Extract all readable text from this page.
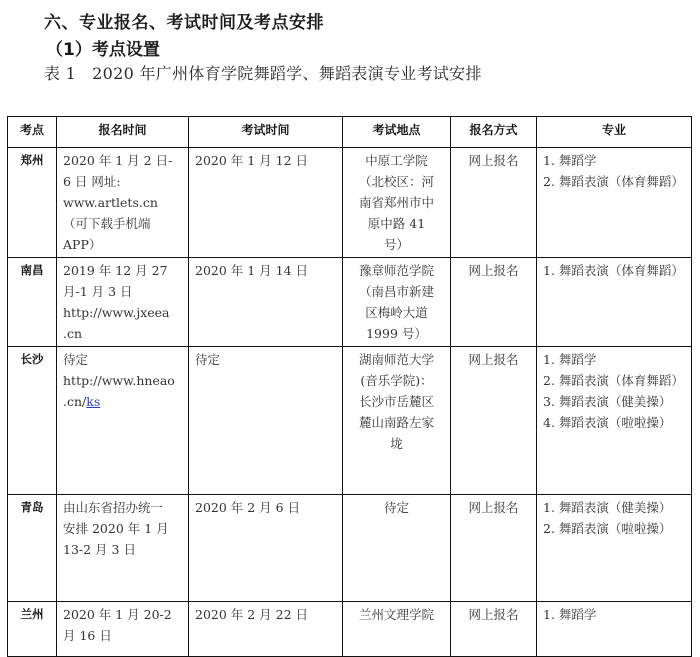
六、专业报名、考试时间及考点安排
（1）考点设置
表 1 2020 年广州体育学院舞蹈学、舞蹈表演专业考试安排
考点	报名时间	考试时间	考试地点	报名方式	专业
郑州	2020 年 1 月 2 日-
6 日 网址:
www.artlets.cn
（可下载手机端
APP）	2020 年 1 月 12 日	中原工学院
（北校区：河
南省郑州市中
原中路 41
号）	网上报名	1. 舞蹈学
2. 舞蹈表演（体育舞蹈）

南昌	2019 年 12 月 27
月-1 月 3 日
http://www.jxeea
.cn	2020 年 1 月 14 日	豫章师范学院
（南昌市新建
区梅岭大道
1999 号）	网上报名	1. 舞蹈表演（体育舞蹈）

长沙	待定
http://www.hneao
.cn/ks	待定	湖南师范大学
(音乐学院)：
长沙市岳麓区
麓山南路左家
垅	网上报名	1. 舞蹈学
2. 舞蹈表演（体育舞蹈）
3. 舞蹈表演（健美操）
4. 舞蹈表演（啦啦操）

青岛	由山东省招办统一
安排 2020 年 1 月
13-2 月 3 日	2020 年 2 月 6 日	待定	网上报名	1. 舞蹈表演（健美操）
2. 舞蹈表演（啦啦操）

兰州	2020 年 1 月 20-2
月 16 日	2020 年 2 月 22 日	兰州文理学院	网上报名	1. 舞蹈学
